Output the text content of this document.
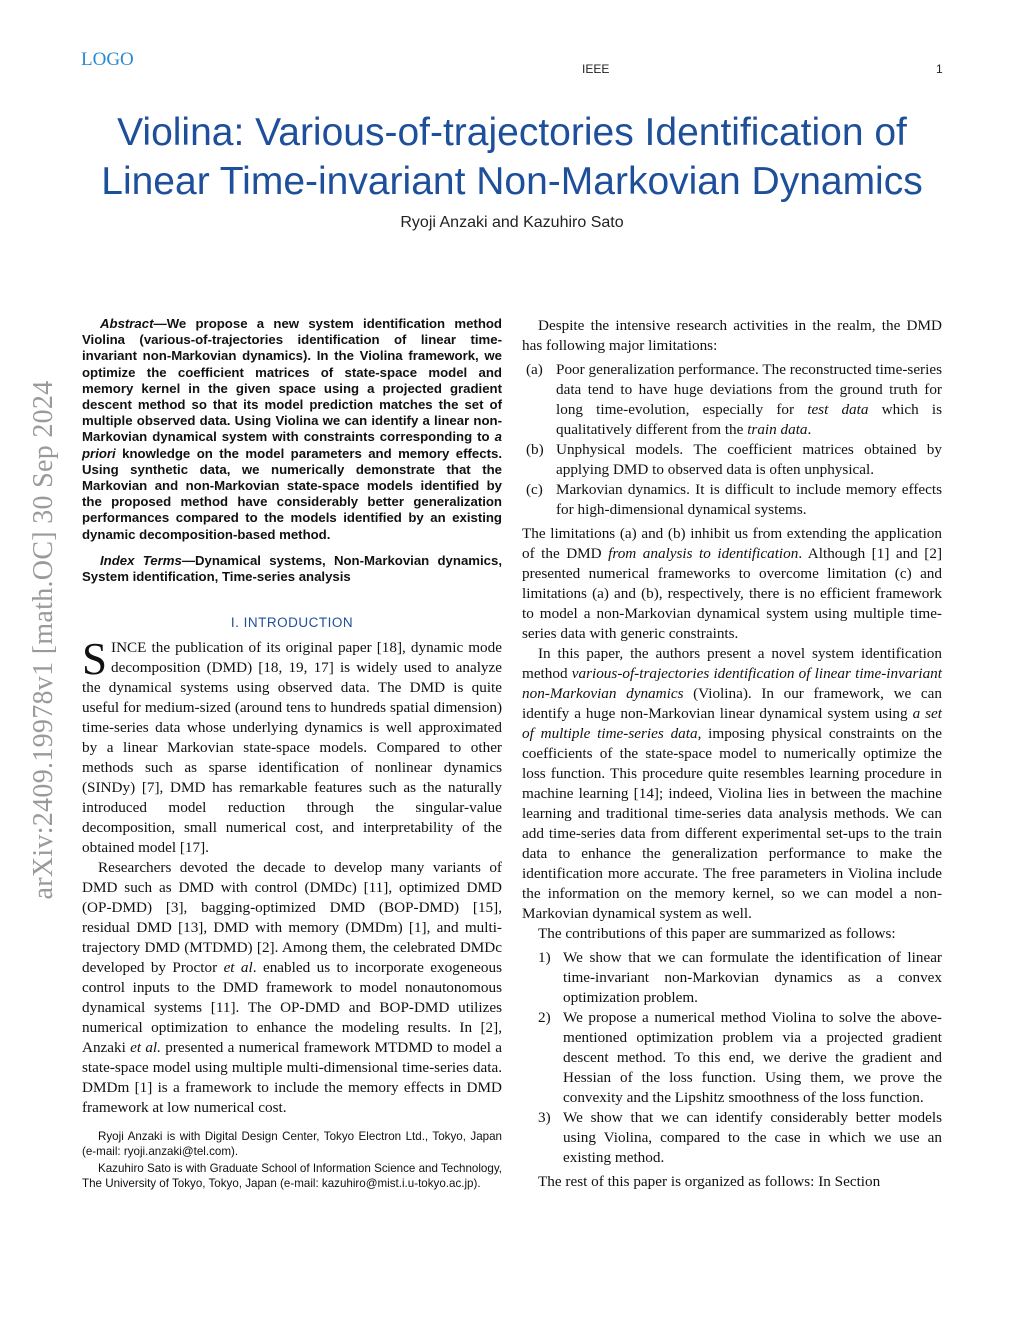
LOGO	IEEE	1
Violina: Various-of-trajectories Identification of
Linear Time-invariant Non-Markovian Dynamics
Ryoji Anzaki and Kazuhiro Sato
arXiv:2409.19978v1 [math.OC] 30 Sep 2024

Abstract—We propose a new system identification method Violina (various-of-trajectories identification of linear time-invariant non-Markovian dynamics). In the Violina framework, we optimize the coefficient matrices of state-space model and memory kernel in the given space using a projected gradient descent method so that its model prediction matches the set of multiple observed data. Using Violina we can identify a linear non-Markovian dynamical system with constraints corresponding to a priori knowledge on the model parameters and memory effects. Using synthetic data, we numerically demonstrate that the Markovian and non-Markovian state-space models identified by the proposed method have considerably better generalization performances compared to the models identified by an existing dynamic decomposition-based method.

Index Terms—Dynamical systems, Non-Markovian dynamics, System identification, Time-series analysis

I. INTRODUCTION

SINCE the publication of its original paper [18], dynamic mode decomposition (DMD) [18, 19, 17] is widely used to analyze the dynamical systems using observed data. The DMD is quite useful for medium-sized (around tens to hundreds spatial dimension) time-series data whose underlying dynamics is well approximated by a linear Markovian state-space models. Compared to other methods such as sparse identification of nonlinear dynamics (SINDy) [7], DMD has remarkable features such as the naturally introduced model reduction through the singular-value decomposition, small numerical cost, and interpretability of the obtained model [17].

Researchers devoted the decade to develop many variants of DMD such as DMD with control (DMDc) [11], optimized DMD (OP-DMD) [3], bagging-optimized DMD (BOP-DMD) [15], residual DMD [13], DMD with memory (DMDm) [1], and multi-trajectory DMD (MTDMD) [2]. Among them, the celebrated DMDc developed by Proctor et al. enabled us to incorporate exogeneous control inputs to the DMD framework to model nonautonomous dynamical systems [11]. The OP-DMD and BOP-DMD utilizes numerical optimization to enhance the modeling results. In [2], Anzaki et al. presented a numerical framework MTDMD to model a state-space model using multiple multi-dimensional time-series data. DMDm [1] is a framework to include the memory effects in DMD framework at low numerical cost.

Ryoji Anzaki is with Digital Design Center, Tokyo Electron Ltd., Tokyo, Japan (e-mail: ryoji.anzaki@tel.com).

Kazuhiro Sato is with Graduate School of Information Science and Technology, The University of Tokyo, Tokyo, Japan (e-mail: kazuhiro@mist.i.u-tokyo.ac.jp).

Despite the intensive research activities in the realm, the DMD has following major limitations:

(a) Poor generalization performance. The reconstructed time-series data tend to have huge deviations from the ground truth for long time-evolution, especially for test data which is qualitatively different from the train data.
(b) Unphysical models. The coefficient matrices obtained by applying DMD to observed data is often unphysical.
(c) Markovian dynamics. It is difficult to include memory effects for high-dimensional dynamical systems.

The limitations (a) and (b) inhibit us from extending the application of the DMD from analysis to identification. Although [1] and [2] presented numerical frameworks to overcome limitation (c) and limitations (a) and (b), respectively, there is no efficient framework to model a non-Markovian dynamical system using multiple time-series data with generic constraints.

In this paper, the authors present a novel system identification method various-of-trajectories identification of linear time-invariant non-Markovian dynamics (Violina). In our framework, we can identify a huge non-Markovian linear dynamical system using a set of multiple time-series data, imposing physical constraints on the coefficients of the state-space model to numerically optimize the loss function. This procedure quite resembles learning procedure in machine learning [14]; indeed, Violina lies in between the machine learning and traditional time-series data analysis methods. We can add time-series data from different experimental set-ups to the train data to enhance the generalization performance to make the identification more accurate. The free parameters in Violina include the information on the memory kernel, so we can model a non-Markovian dynamical system as well.

The contributions of this paper are summarized as follows:

1) We show that we can formulate the identification of linear time-invariant non-Markovian dynamics as a convex optimization problem.
2) We propose a numerical method Violina to solve the above-mentioned optimization problem via a projected gradient descent method. To this end, we derive the gradient and Hessian of the loss function. Using them, we prove the convexity and the Lipshitz smoothness of the loss function.
3) We show that we can identify considerably better models using Violina, compared to the case in which we use an existing method.

The rest of this paper is organized as follows: In Section
